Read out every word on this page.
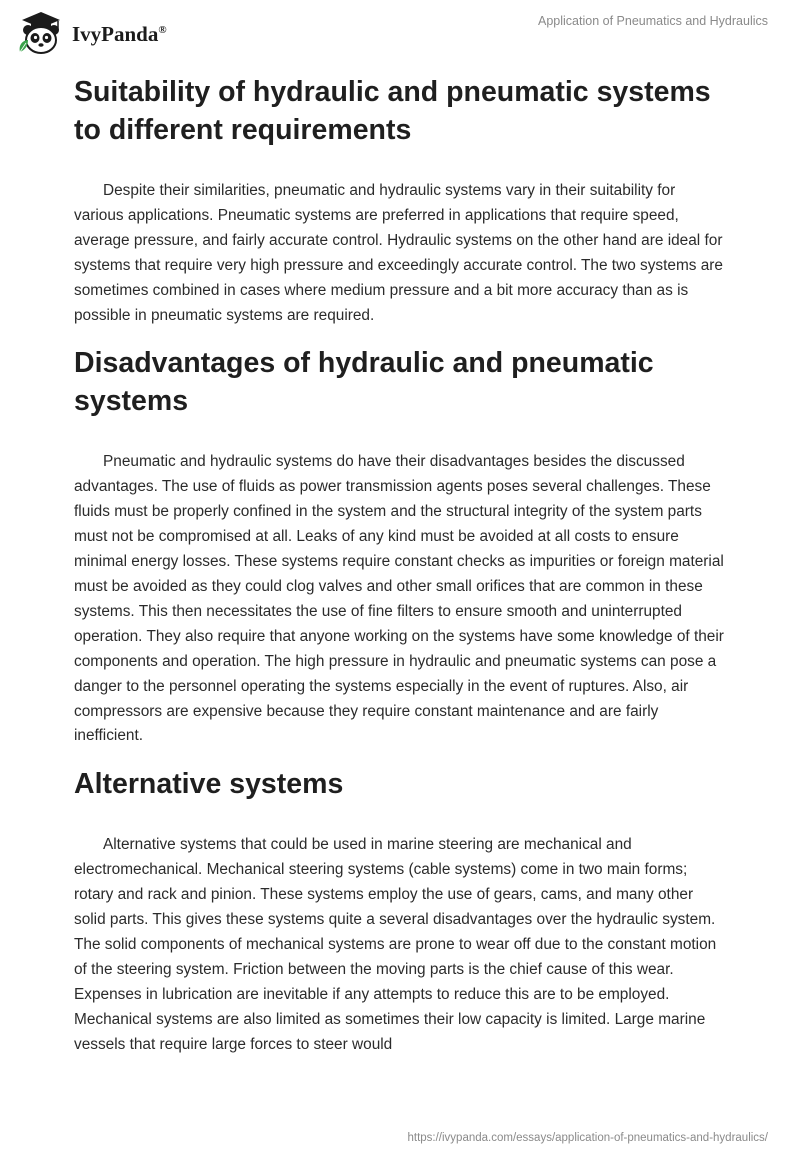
IvyPanda®
Application of Pneumatics and Hydraulics
Suitability of hydraulic and pneumatic systems to different requirements

Despite their similarities, pneumatic and hydraulic systems vary in their suitability for various applications. Pneumatic systems are preferred in applications that require speed, average pressure, and fairly accurate control. Hydraulic systems on the other hand are ideal for systems that require very high pressure and exceedingly accurate control. The two systems are sometimes combined in cases where medium pressure and a bit more accuracy than as is possible in pneumatic systems are required.

Disadvantages of hydraulic and pneumatic systems

Pneumatic and hydraulic systems do have their disadvantages besides the discussed advantages. The use of fluids as power transmission agents poses several challenges. These fluids must be properly confined in the system and the structural integrity of the system parts must not be compromised at all. Leaks of any kind must be avoided at all costs to ensure minimal energy losses. These systems require constant checks as impurities or foreign material must be avoided as they could clog valves and other small orifices that are common in these systems. This then necessitates the use of fine filters to ensure smooth and uninterrupted operation. They also require that anyone working on the systems have some knowledge of their components and operation. The high pressure in hydraulic and pneumatic systems can pose a danger to the personnel operating the systems especially in the event of ruptures. Also, air compressors are expensive because they require constant maintenance and are fairly inefficient.

Alternative systems

Alternative systems that could be used in marine steering are mechanical and electromechanical. Mechanical steering systems (cable systems) come in two main forms; rotary and rack and pinion. These systems employ the use of gears, cams, and many other solid parts. This gives these systems quite a several disadvantages over the hydraulic system. The solid components of mechanical systems are prone to wear off due to the constant motion of the steering system. Friction between the moving parts is the chief cause of this wear. Expenses in lubrication are inevitable if any attempts to reduce this are to be employed. Mechanical systems are also limited as sometimes their low capacity is limited. Large marine vessels that require large forces to steer would

https://ivypanda.com/essays/application-of-pneumatics-and-hydraulics/
